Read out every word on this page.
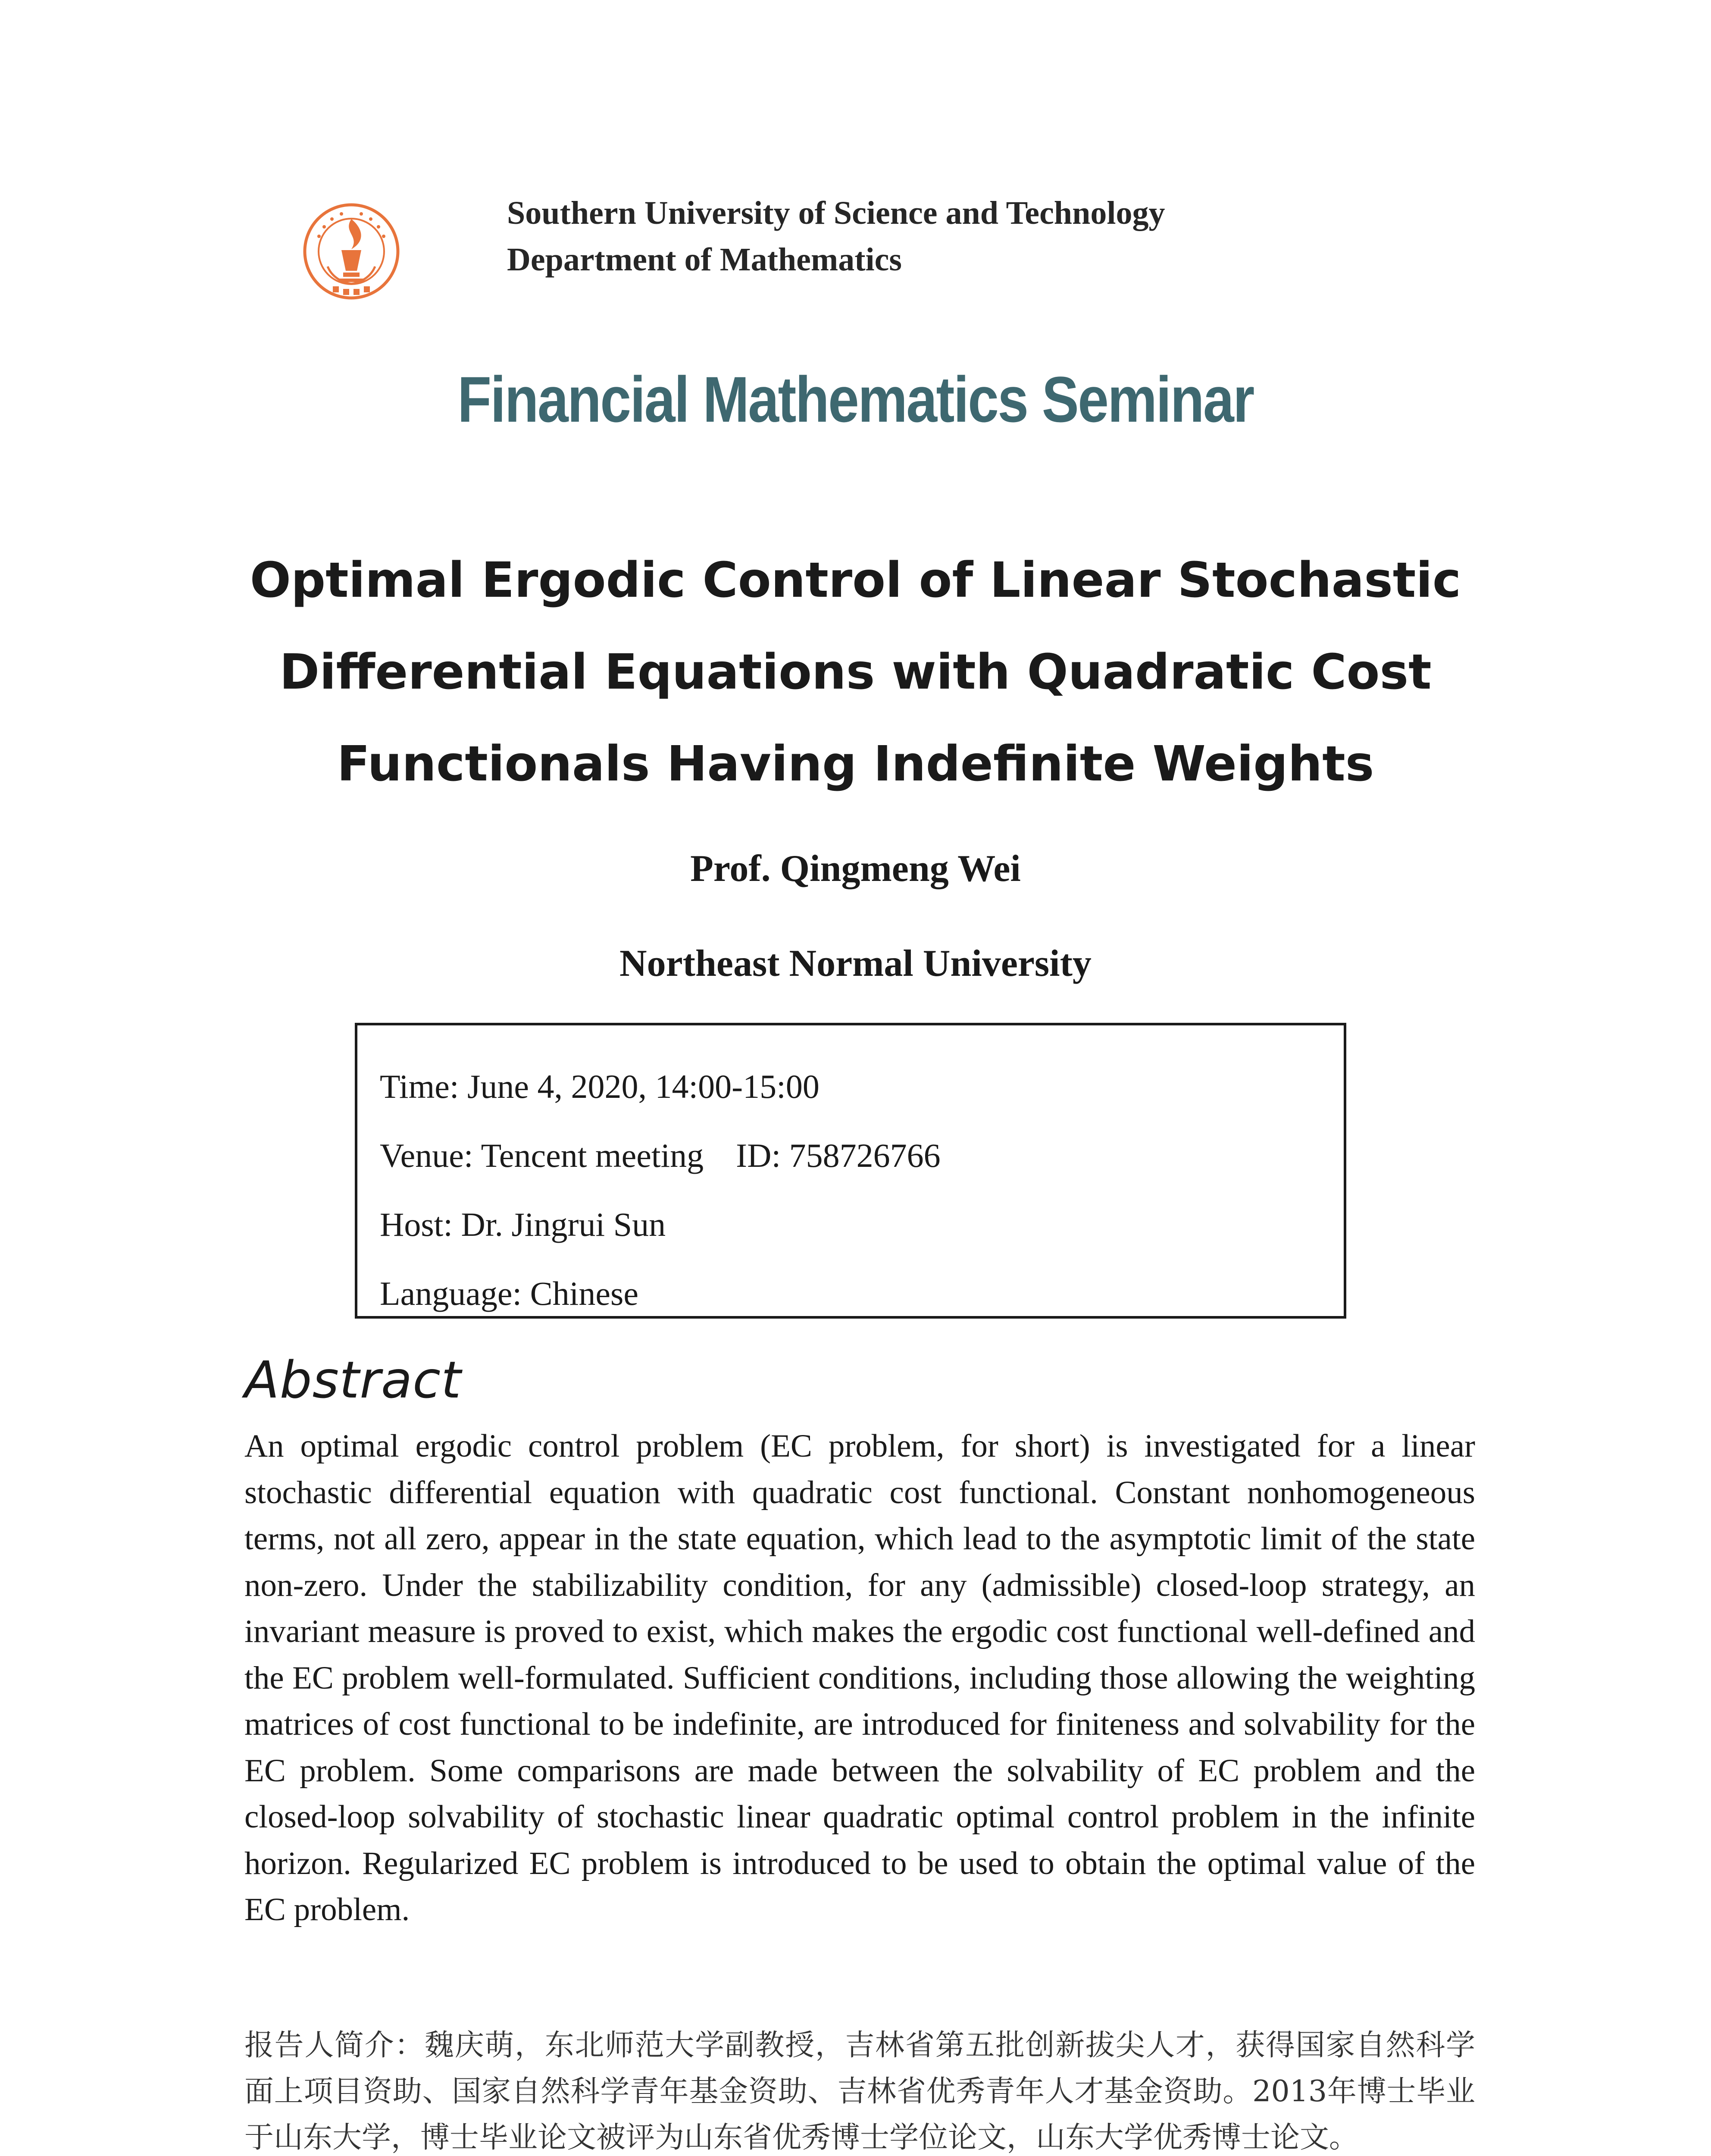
Southern University of Science and Technology
Department of Mathematics
Financial Mathematics Seminar
Optimal Ergodic Control of Linear Stochastic
Differential Equations with Quadratic Cost
Functionals Having Indefinite Weights
Prof. Qingmeng Wei
Northeast Normal University
Time: June 4, 2020, 14:00-15:00
Venue: Tencent meeting ID: 758726766
Host: Dr. Jingrui Sun
Language: Chinese
Abstract
An optimal ergodic control problem (EC problem, for short) is investigated for a linear stochastic differential equation with quadratic cost functional. Constant nonhomogeneous terms, not all zero, appear in the state equation, which lead to the asymptotic limit of the state non-zero. Under the stabilizability condition, for any (admissible) closed-loop strategy, an invariant measure is proved to exist, which makes the ergodic cost functional well-defined and the EC problem well-formulated. Sufficient conditions, including those allowing the weighting matrices of cost functional to be indefinite, are introduced for finiteness and solvability for the EC problem. Some comparisons are made between the solvability of EC problem and the closed-loop solvability of stochastic linear quadratic optimal control problem in the infinite horizon. Regularized EC problem is introduced to be used to obtain the optimal value of the EC problem.
报告人简介：魏庆萌，东北师范大学副教授，吉林省第五批创新拔尖人才，获得国家自然科学面上项目资助、国家自然科学青年基金资助、吉林省优秀青年人才基金资助。2013年博士毕业于山东大学，博士毕业论文被评为山东省优秀博士学位论文，山东大学优秀博士论文。
